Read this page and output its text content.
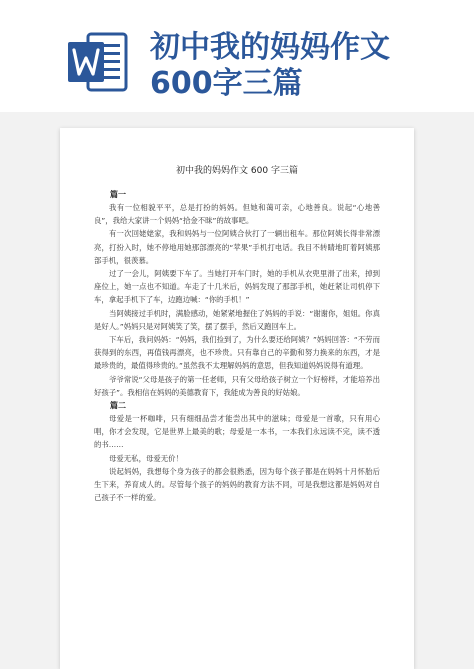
初中我的妈妈作文
600字三篇
初中我的妈妈作文 600 字三篇
篇一

我有一位相貌平平，总是打扮的妈妈。但她和蔼可亲，心地善良。说起“心地善良”，我给大家讲一个妈妈“拾金不昧”的故事吧。

有一次回姥姥家，我和妈妈与一位阿姨合伙打了一辆出租车。那位阿姨长得非常漂亮，打扮入时，她不停地用她那部漂亮的“苹果”手机打电话。我目不转睛地盯着阿姨那部手机，很羡慕。

过了一会儿，阿姨要下车了。当她打开车门时，她的手机从衣兜里滑了出来，掉到座位上，她一点也不知道。车走了十几米后，妈妈发现了那部手机，她赶紧让司机停下车，拿起手机下了车，边跑边喊：“你的手机！”

当阿姨接过手机时，满脸感动，她紧紧地握住了妈妈的手说：“谢谢你，姐姐。你真是好人。”妈妈只是对阿姨笑了笑，摆了摆手，然后又跑回车上。

下车后，我问妈妈：“妈妈，我们捡到了，为什么要还给阿姨？”妈妈回答：“不劳而获得到的东西，再值钱再漂亮，也不珍贵。只有靠自己的辛勤和努力换来的东西，才是最珍贵的，最值得珍贵的。”虽然我不太理解妈妈的意思，但我知道妈妈说得有道理。

爷爷常说“父母是孩子的第一任老师，只有父母给孩子树立一个好榜样，才能培养出好孩子”。我相信在妈妈的美德教育下，我能成为善良的好姑娘。

篇二

母爱是一杯咖啡，只有细细品尝才能尝出其中的滋味；母爱是一首歌，只有用心唱，你才会发现，它是世界上最美的歌；母爱是一本书，一本我们永远读不完，读不透的书……

母爱无私，母爱无价！

说起妈妈，我想每个身为孩子的都会很熟悉，因为每个孩子都是在妈妈十月怀胎后生下来，养育成人的。尽管每个孩子的妈妈的教育方法不同，可是我想这都是妈妈对自己孩子不一样的爱。
